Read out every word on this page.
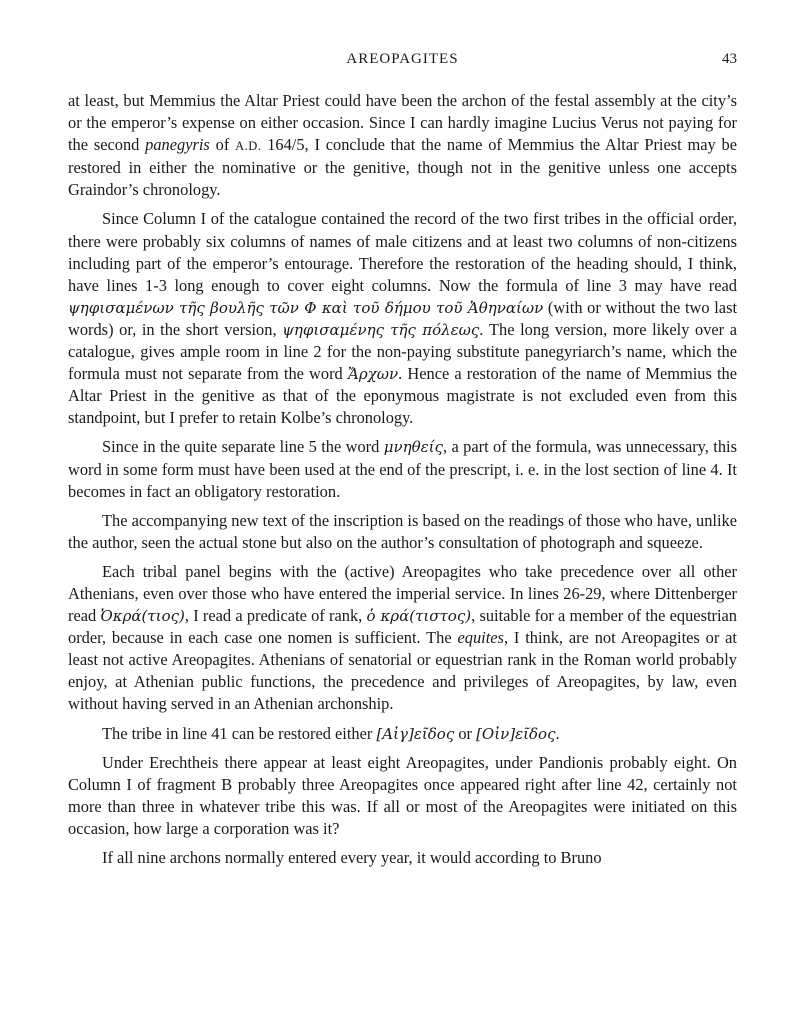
AREOPAGITES	43

at least, but Memmius the Altar Priest could have been the archon of the festal assembly at the city’s or the emperor’s expense on either occasion. Since I can hardly imagine Lucius Verus not paying for the second panegyris of A.D. 164/5, I conclude that the name of Memmius the Altar Priest may be restored in either the nominative or the genitive, though not in the genitive unless one accepts Graindor’s chronology.

Since Column I of the catalogue contained the record of the two first tribes in the official order, there were probably six columns of names of male citizens and at least two columns of non-citizens including part of the emperor’s entourage. Therefore the restoration of the heading should, I think, have lines 1-3 long enough to cover eight columns. Now the formula of line 3 may have read ψηφισαμένων τῆς βουλῆς τῶν Φ καὶ τοῦ δήμου τοῦ Ἀθηναίων (with or without the two last words) or, in the short version, ψηφισαμένης τῆς πόλεως. The long version, more likely over a catalogue, gives ample room in line 2 for the non-paying substitute panegyriarch’s name, which the formula must not separate from the word Ἄρχων. Hence a restoration of the name of Memmius the Altar Priest in the genitive as that of the eponymous magistrate is not excluded even from this standpoint, but I prefer to retain Kolbe’s chronology.

Since in the quite separate line 5 the word μνηθείς, a part of the formula, was unnecessary, this word in some form must have been used at the end of the prescript, i. e. in the lost section of line 4. It becomes in fact an obligatory restoration.

The accompanying new text of the inscription is based on the readings of those who have, unlike the author, seen the actual stone but also on the author’s consultation of photograph and squeeze.

Each tribal panel begins with the (active) Areopagites who take precedence over all other Athenians, even over those who have entered the imperial service. In lines 26-29, where Dittenberger read Ὀκρά(τιος), I read a predicate of rank, ὁ κρά(τιστος), suitable for a member of the equestrian order, because in each case one nomen is sufficient. The equites, I think, are not Areopagites or at least not active Areopagites. Athenians of senatorial or equestrian rank in the Roman world probably enjoy, at Athenian public functions, the precedence and privileges of Areopagites, by law, even without having served in an Athenian archonship.

The tribe in line 41 can be restored either [Αἰγ]εῖδος or [Οἰν]εῖδος.

Under Erechtheis there appear at least eight Areopagites, under Pandionis probably eight. On Column I of fragment B probably three Areopagites once appeared right after line 42, certainly not more than three in whatever tribe this was. If all or most of the Areopagites were initiated on this occasion, how large a corporation was it?

If all nine archons normally entered every year, it would according to Bruno
